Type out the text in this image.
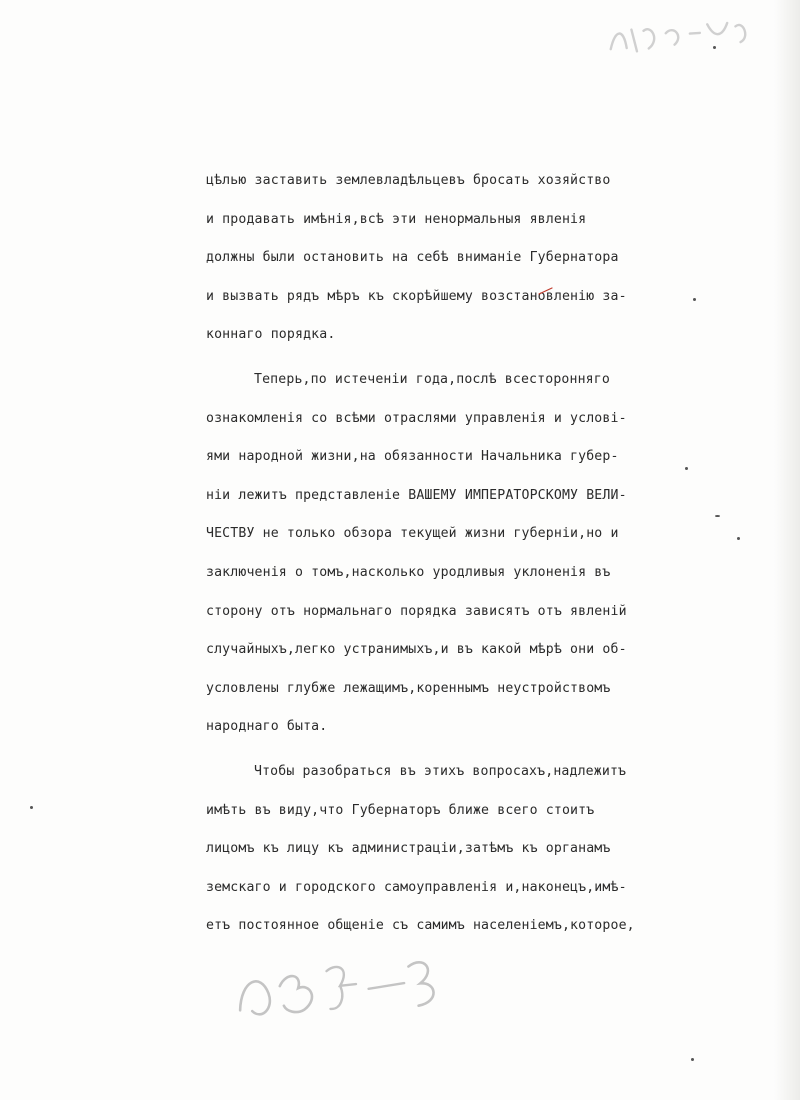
цѣлью заставить землевладѣльцевъ бросать хозяйство
и продавать имѣнія,всѣ эти ненормальныя явленія
должны были остановить на себѣ вниманіе Губернатора
и вызвать рядъ мѣръ къ скорѣйшему возстановленію за-
коннаго порядка.
Теперь,по истеченіи года,послѣ всесторонняго
ознакомленія со всѣми отраслями управленія и услові-
ями народной жизни,на обязанности Начальника губер-
ніи лежитъ представленіе ВАШЕМУ ИМПЕРАТОРСКОМУ ВЕЛИ-
ЧЕСТВУ не только обзора текущей жизни губерніи,но и
заключенія о томъ,насколько уродливыя уклоненія въ
сторону отъ нормальнаго порядка зависятъ отъ явленій
случайныхъ,легко устранимыхъ,и въ какой мѣрѣ они об-
условлены глубже лежащимъ,кореннымъ неустройствомъ
народнаго быта.
Чтобы разобраться въ этихъ вопросахъ,надлежитъ
имѣть въ виду,что Губернаторъ ближе всего стоитъ
лицомъ къ лицу къ администраціи,затѣмъ къ органамъ
земскаго и городского самоуправленія и,наконецъ,имѣ-
етъ постоянное общеніе съ самимъ населеніемъ,которое,
